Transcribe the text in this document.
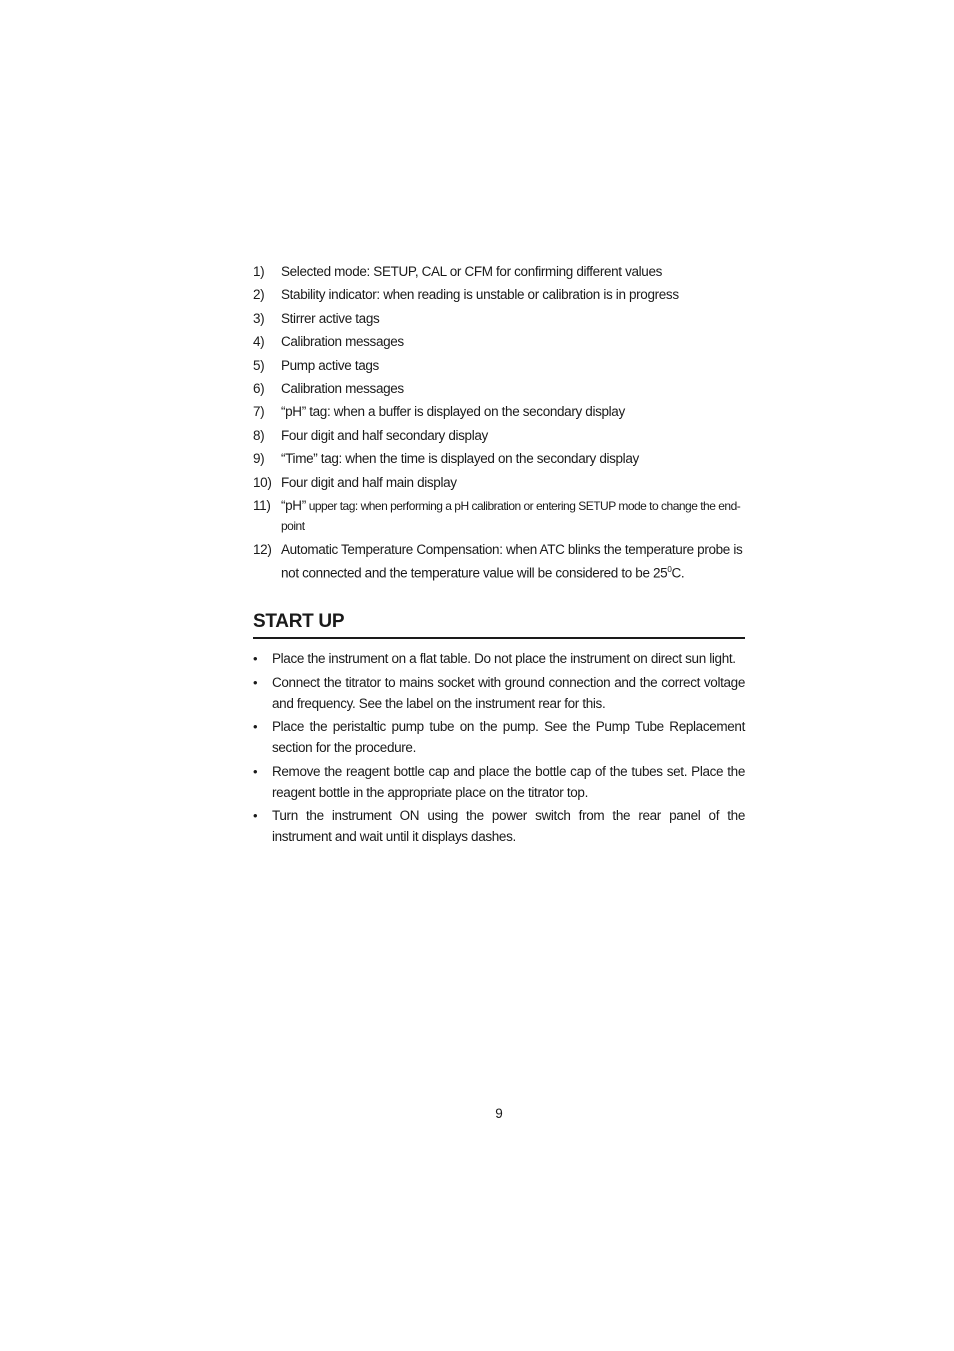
1)	Selected mode: SETUP, CAL or CFM for confirming different values
2)	Stability indicator: when reading is unstable or calibration is in progress
3)	Stirrer active tags
4)	Calibration messages
5)	Pump active tags
6)	Calibration messages
7)	“pH” tag: when a buffer is displayed on the secondary display
8)	Four digit and half secondary display
9)	“Time” tag: when the time is displayed on the secondary display
10) Four digit and half main display
11) “pH” upper tag: when performing a pH calibration or entering SETUP mode to change the end-point
12) Automatic Temperature Compensation: when ATC blinks the temperature probe is not connected and the temperature value will be considered to be $25^0C$.
START UP
•	Place the instrument on a flat table. Do not place the instrument on direct sun light.
•	Connect the titrator to mains socket with ground connection and the correct voltage and frequency. See the label on the instrument rear for this.
•	Place the peristaltic pump tube on the pump. See the Pump Tube Replacement section for the procedure.
•	Remove the reagent bottle cap and place the bottle cap of the tubes set. Place the reagent bottle in the appropriate place on the titrator top.
•	Turn the instrument ON using the power switch from the rear panel of the instrument and wait until it displays dashes.
9
